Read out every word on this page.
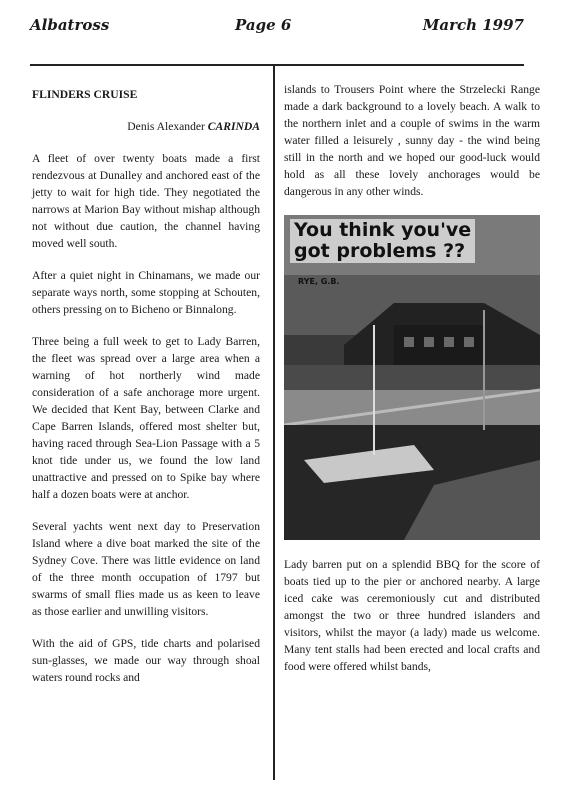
Albatross	Page 6	March 1997

FLINDERS CRUISE

Denis Alexander CARINDA

A fleet of over twenty boats made a first rendezvous at Dunalley and anchored east of the jetty to wait for high tide. They negotiated the narrows at Marion Bay without mishap although not without due caution, the channel having moved well south.

After a quiet night in Chinamans, we made our separate ways north, some stopping at Schouten, others pressing on to Bicheno or Binnalong.

Three being a full week to get to Lady Barren, the fleet was spread over a large area when a warning of hot northerly wind made consideration of a safe anchorage more urgent. We decided that Kent Bay, between Clarke and Cape Barren Islands, offered most shelter but, having raced through Sea-Lion Passage with a 5 knot tide under us, we found the low land unattractive and pressed on to Spike bay where half a dozen boats were at anchor.

Several yachts went next day to Preservation Island where a dive boat marked the site of the Sydney Cove. There was little evidence on land of the three month occupation of 1797 but swarms of small flies made us as keen to leave as those earlier and unwilling visitors.

With the aid of GPS, tide charts and polarised sun-glasses, we made our way through shoal waters round rocks and

islands to Trousers Point where the Strzelecki Range made a dark background to a lovely beach. A walk to the northern inlet and a couple of swims in the warm water filled a leisurely , sunny day - the wind being still in the north and we hoped our good-luck would hold as all these lovely anchorages would be dangerous in any other winds.

You think you've
got problems ??
RYE, G.B.

Lady barren put on a splendid BBQ for the score of boats tied up to the pier or anchored nearby. A large iced cake was ceremoniously cut and distributed amongst the two or three hundred islanders and visitors, whilst the mayor (a lady) made us welcome. Many tent stalls had been erected and local crafts and food were offered whilst bands,
